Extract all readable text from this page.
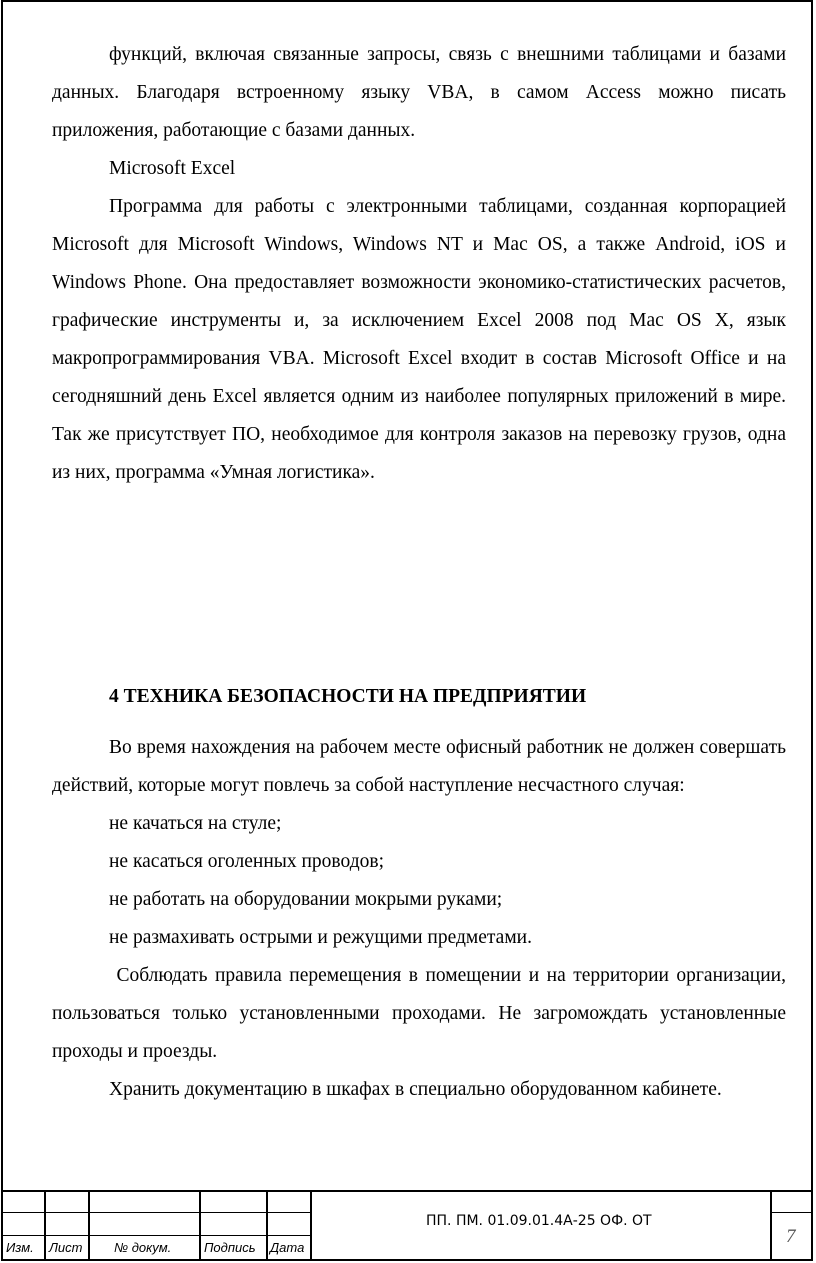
функций, включая связанные запросы, связь с внешними таблицами и базами данных. Благодаря встроенному языку VBA, в самом Access можно писать приложения, работающие с базами данных.

Microsoft Excel

Программа для работы с электронными таблицами, созданная корпорацией Microsoft для Microsoft Windows, Windows NT и Mac OS, а также Android, iOS и Windows Phone. Она предоставляет возможности экономико-статистических расчетов, графические инструменты и, за исключением Excel 2008 под Mac OS X, язык макропрограммирования VBA. Microsoft Excel входит в состав Microsoft Office и на сегодняшний день Excel является одним из наиболее популярных приложений в мире. Так же присутствует ПО, необходимое для контроля заказов на перевозку грузов, одна из них, программа «Умная логистика».

4 ТЕХНИКА БЕЗОПАСНОСТИ НА ПРЕДПРИЯТИИ

Во время нахождения на рабочем месте офисный работник не должен совершать действий, которые могут повлечь за собой наступление несчастного случая:

не качаться на стуле;

не касаться оголенных проводов;

не работать на оборудовании мокрыми руками;

не размахивать острыми и режущими предметами.

Соблюдать правила перемещения в помещении и на территории организации, пользоваться только установленными проходами. Не загромождать установленные проходы и проезды.

Хранить документацию в шкафах в специально оборудованном кабинете.

Изм. Лист № докум.	Подпись Дата
ПП. ПМ. 01.09.01.4А-25 ОФ. ОТ
7
